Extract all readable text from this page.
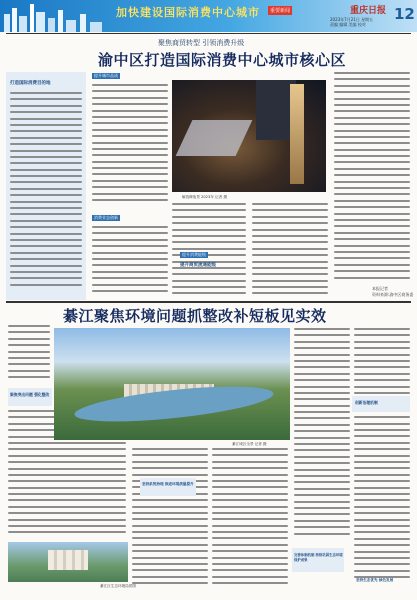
加快建设国际消费中心城市	重要新闻	重庆日报 12
2023年7月21日 星期五
责编 编辑 美编 校对
聚焦商贸转型 引领消费升级
渝中区打造国际消费中心城市核心区
打造国际消费目的地
提升城市品质
消费业态创新
解放碑夜景 2023年 记者 摄
提升消费能级
提升商贸流通能级
本报记者
资料来源:渝中区商务委
綦江聚焦环境问题抓整改补短板见实效
聚焦突出问题 强化整改
綦江城区全景 记者 摄
坚持系统治理 推进环境质量提升
完善体制机制 持续巩固生态环境保护成果
创新治理机制
坚持生态优先 绿色发展
綦江区生态环境局供图
